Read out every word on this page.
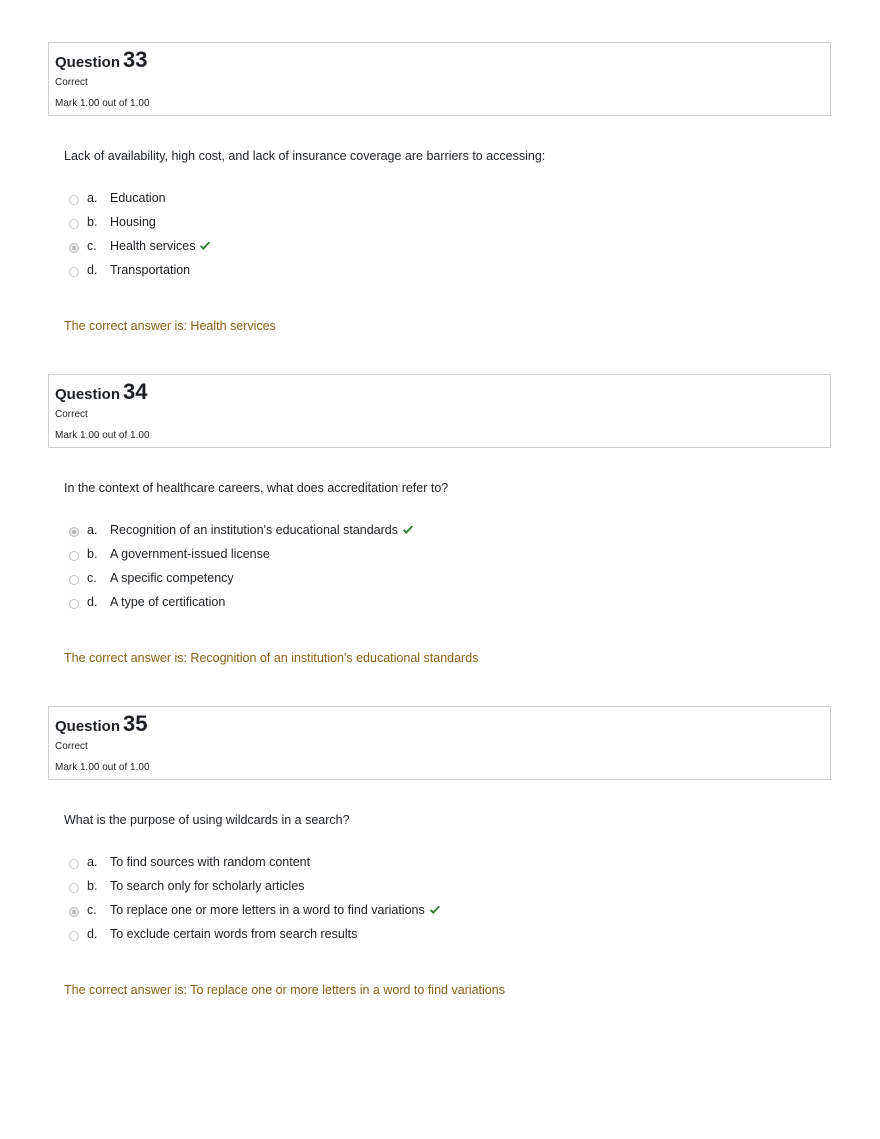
Question 33
Correct
Mark 1.00 out of 1.00
Lack of availability, high cost, and lack of insurance coverage are barriers to accessing:
a.	Education
b.	Housing
c.	Health services
d.	Transportation
The correct answer is: Health services
Question 34
Correct
Mark 1.00 out of 1.00
In the context of healthcare careers, what does accreditation refer to?
a.	Recognition of an institution's educational standards
b.	A government-issued license
c.	A specific competency
d.	A type of certification
The correct answer is: Recognition of an institution's educational standards
Question 35
Correct
Mark 1.00 out of 1.00
What is the purpose of using wildcards in a search?
a.	To find sources with random content
b.	To search only for scholarly articles
c.	To replace one or more letters in a word to find variations
d.	To exclude certain words from search results
The correct answer is: To replace one or more letters in a word to find variations
